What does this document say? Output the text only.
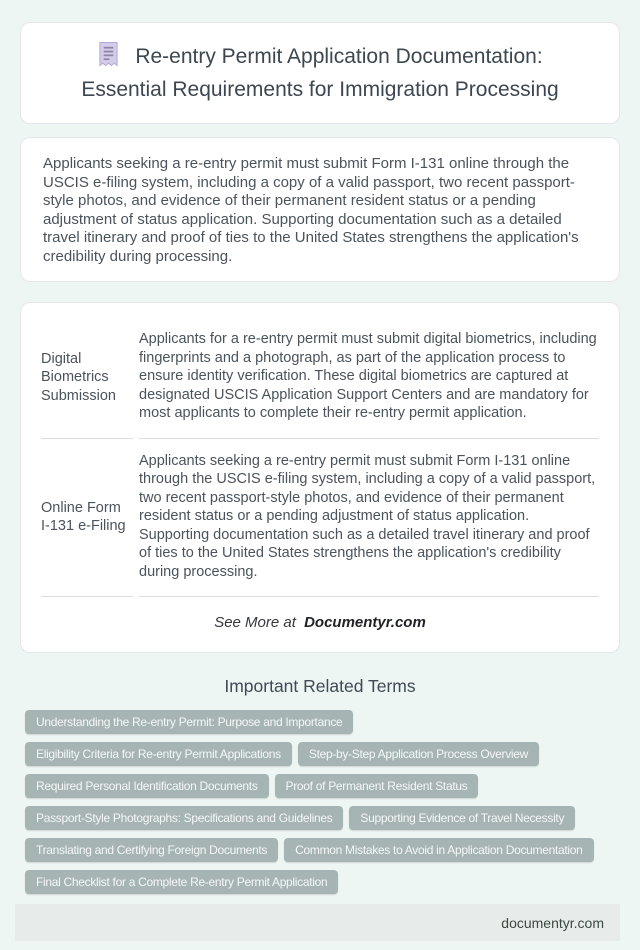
Re-entry Permit Application Documentation:
Essential Requirements for Immigration Processing

Applicants seeking a re-entry permit must submit Form I-131 online through the USCIS e-filing system, including a copy of a valid passport, two recent passport-style photos, and evidence of their permanent resident status or a pending adjustment of status application. Supporting documentation such as a detailed travel itinerary and proof of ties to the United States strengthens the application's credibility during processing.

Digital Biometrics Submission	Applicants for a re-entry permit must submit digital biometrics, including fingerprints and a photograph, as part of the application process to ensure identity verification. These digital biometrics are captured at designated USCIS Application Support Centers and are mandatory for most applicants to complete their re-entry permit application.
Online Form I-131 e-Filing	Applicants seeking a re-entry permit must submit Form I-131 online through the USCIS e-filing system, including a copy of a valid passport, two recent passport-style photos, and evidence of their permanent resident status or a pending adjustment of status application. Supporting documentation such as a detailed travel itinerary and proof of ties to the United States strengthens the application's credibility during processing.

See More at Documentyr.com

Important Related Terms
Understanding the Re-entry Permit: Purpose and Importance
Eligibility Criteria for Re-entry Permit Applications	Step-by-Step Application Process Overview
Required Personal Identification Documents	Proof of Permanent Resident Status
Passport-Style Photographs: Specifications and Guidelines	Supporting Evidence of Travel Necessity
Translating and Certifying Foreign Documents	Common Mistakes to Avoid in Application Documentation
Final Checklist for a Complete Re-entry Permit Application
documentyr.com
